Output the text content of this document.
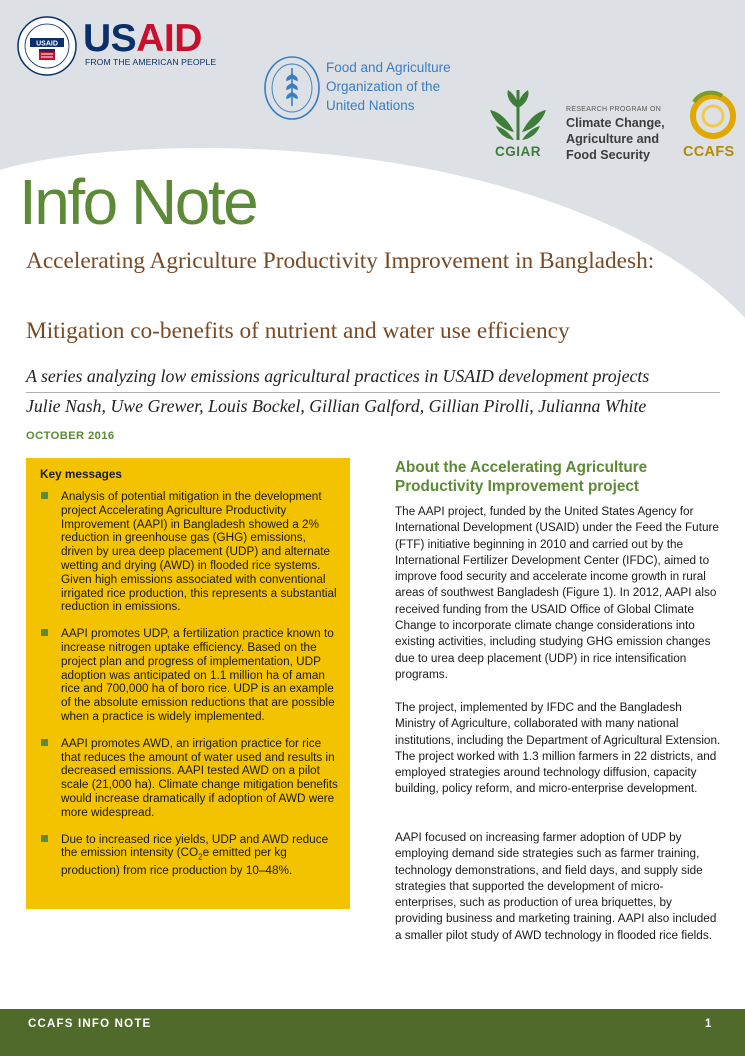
USAID USAID
FROM THE AMERICAN PEOPLE	Food and Agriculture Organization of the United Nations
CGIAR
RESEARCH PROGRAM ON
Climate Change, Agriculture and Food Security	CCAFS
Info Note
Accelerating Agriculture Productivity Improvement in Bangladesh:
Mitigation co-benefits of nutrient and water use efficiency
A series analyzing low emissions agricultural practices in USAID development projects
Julie Nash, Uwe Grewer, Louis Bockel, Gillian Galford, Gillian Pirolli, Julianna White
OCTOBER 2016
Key messages
Analysis of potential mitigation in the development project Accelerating Agriculture Productivity Improvement (AAPI) in Bangladesh showed a 2% reduction in greenhouse gas (GHG) emissions, driven by urea deep placement (UDP) and alternate wetting and drying (AWD) in flooded rice systems. Given high emissions associated with conventional irrigated rice production, this represents a substantial reduction in emissions.
AAPI promotes UDP, a fertilization practice known to increase nitrogen uptake efficiency. Based on the project plan and progress of implementation, UDP adoption was anticipated on 1.1 million ha of aman rice and 700,000 ha of boro rice. UDP is an example of the absolute emission reductions that are possible when a practice is widely implemented.
AAPI promotes AWD, an irrigation practice for rice that reduces the amount of water used and results in decreased emissions. AAPI tested AWD on a pilot scale (21,000 ha). Climate change mitigation benefits would increase dramatically if adoption of AWD were more widespread.
Due to increased rice yields, UDP and AWD reduce the emission intensity ($CO_2e$ emitted per kg production) from rice production by 10–48%.
About the Accelerating Agriculture Productivity Improvement project
The AAPI project, funded by the United States Agency for International Development (USAID) under the Feed the Future (FTF) initiative beginning in 2010 and carried out by the International Fertilizer Development Center (IFDC), aimed to improve food security and accelerate income growth in rural areas of southwest Bangladesh (Figure 1). In 2012, AAPI also received funding from the USAID Office of Global Climate Change to incorporate climate change considerations into existing activities, including studying GHG emission changes due to urea deep placement (UDP) in rice intensification programs.
The project, implemented by IFDC and the Bangladesh Ministry of Agriculture, collaborated with many national institutions, including the Department of Agricultural Extension. The project worked with 1.3 million farmers in 22 districts, and employed strategies around technology diffusion, capacity building, policy reform, and micro-enterprise development.
AAPI focused on increasing farmer adoption of UDP by employing demand side strategies such as farmer training, technology demonstrations, and field days, and supply side strategies that supported the development of micro-enterprises, such as production of urea briquettes, by providing business and marketing training. AAPI also included a smaller pilot study of AWD technology in flooded rice fields.
CCAFS INFO NOTE	1
